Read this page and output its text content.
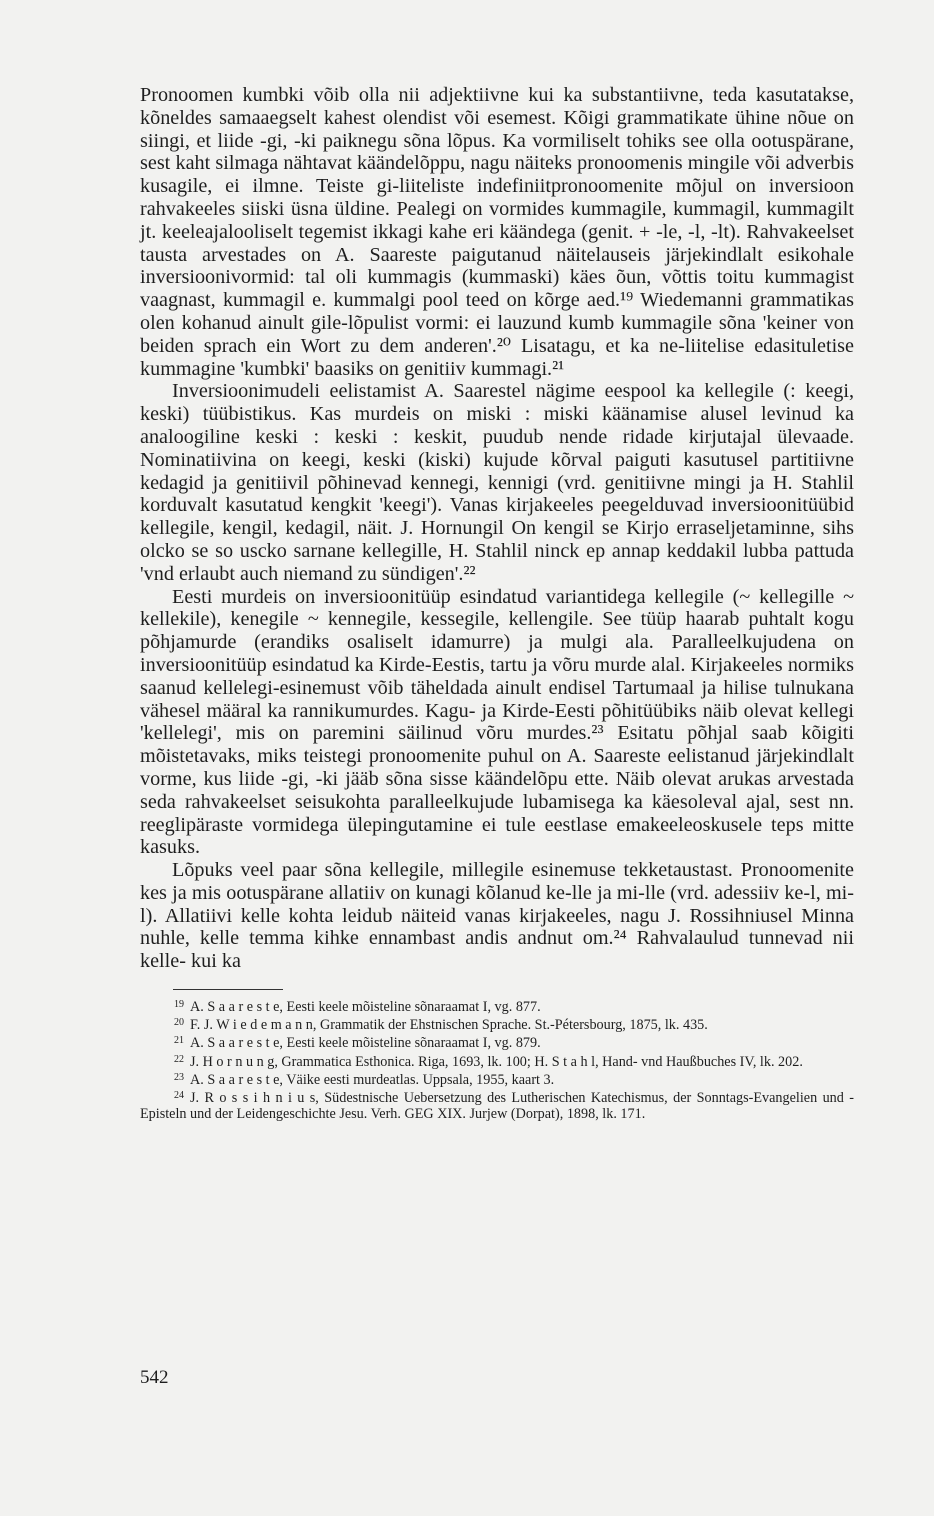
Pronoomen kumbki võib olla nii adjektiivne kui ka substantiivne, teda kasutatakse, kõneldes samaaegselt kahest olendist või esemest. Kõigi grammatikate ühine nõue on siingi, et liide -gi, -ki paiknegu sõna lõpus. Ka vormiliselt tohiks see olla ootuspärane, sest kaht silmaga nähtavat käändelõppu, nagu näiteks pronoomenis mingile või adverbis kusagile, ei ilmne. Teiste gi-liiteliste indefiniitpronoomenite mõjul on inversioon rahvakeeles siiski üsna üldine. Pealegi on vormides kummagile, kummagil, kummagilt jt. keeleajalooliselt tegemist ikkagi kahe eri käändega (genit. + -le, -l, -lt). Rahvakeelset tausta arvestades on A. Saareste paigutanud näitelauseis järjekindlalt esikohale inversioonivormid: tal oli kummagis (kummaski) käes õun, võttis toitu kummagist vaagnast, kummagil e. kummalgi pool teed on kõrge aed.¹⁹ Wiedemanni grammatikas olen kohanud ainult gile-lõpulist vormi: ei lauzund kumb kummagile sõna 'keiner von beiden sprach ein Wort zu dem anderen'.²⁰ Lisatagu, et ka ne-liitelise edasituletise kummagine 'kumbki' baasiks on genitiiv kummagi.²¹

Inversioonimudeli eelistamist A. Saarestel nägime eespool ka kellegile (: keegi, keski) tüübistikus. Kas murdeis on miski : miski käänamise alusel levinud ka analoogiline keski : keski : keskit, puudub nende ridade kirjutajal ülevaade. Nominatiivina on keegi, keski (kiski) kujude kõrval paiguti kasutusel partitiivne kedagid ja genitiivil põhinevad kennegi, kennigi (vrd. genitiivne mingi ja H. Stahlil korduvalt kasutatud kengkit 'keegi'). Vanas kirjakeeles peegelduvad inversioonitüübid kellegile, kengil, kedagil, näit. J. Hornungil On kengil se Kirjo erraseljetaminne, sihs olcko se so uscko sarnane kellegille, H. Stahlil ninck ep annap keddakil lubba pattuda 'vnd erlaubt auch niemand zu sündigen'.²²

Eesti murdeis on inversioonitüüp esindatud variantidega kellegile (~ kellegille ~ kellekile), kenegile ~ kennegile, kessegile, kellengile. See tüüp haarab puhtalt kogu põhjamurde (erandiks osaliselt idamurre) ja mulgi ala. Paralleelkujudena on inversioonitüüp esindatud ka Kirde-Eestis, tartu ja võru murde alal. Kirjakeeles normiks saanud kellelegi-esinemust võib täheldada ainult endisel Tartumaal ja hilise tulnukana vähesel määral ka rannikumurdes. Kagu- ja Kirde-Eesti põhitüübiks näib olevat kellegi 'kellelegi', mis on paremini säilinud võru murdes.²³ Esitatu põhjal saab kõigiti mõistetavaks, miks teistegi pronoomenite puhul on A. Saareste eelistanud järjekindlalt vorme, kus liide -gi, -ki jääb sõna sisse käändelõpu ette. Näib olevat arukas arvestada seda rahvakeelset seisukohta paralleelkujude lubamisega ka käesoleval ajal, sest nn. reeglipäraste vormidega ülepingutamine ei tule eestlase emakeeleoskusele teps mitte kasuks.

Lõpuks veel paar sõna kellegile, millegile esinemuse tekketaustast. Pronoomenite kes ja mis ootuspärane allatiiv on kunagi kõlanud ke-lle ja mi-lle (vrd. adessiiv ke-l, mi-l). Allatiivi kelle kohta leidub näiteid vanas kirjakeeles, nagu J. Rossihniusel Minna nuhle, kelle temma kihke ennambast andis andnut om.²⁴ Rahvalaulud tunnevad nii kelle- kui ka

$^{19}$ A. S a a r e s t e, Eesti keele mõisteline sõnaraamat I, vg. 877.

$^{20}$ F. J. W i e d e m a n n, Grammatik der Ehstnischen Sprache. St.-Pétersbourg, 1875, lk. 435.

$^{21}$ A. S a a r e s t e, Eesti keele mõisteline sõnaraamat I, vg. 879.

$^{22}$ J. H o r n u n g, Grammatica Esthonica. Riga, 1693, lk. 100; H. S t a h l, Hand- vnd Haußbuches IV, lk. 202.

$^{23}$ A. S a a r e s t e, Väike eesti murdeatlas. Uppsala, 1955, kaart 3.

$^{24}$ J. R o s s i h n i u s, Südestnische Uebersetzung des Lutherischen Katechismus, der Sonntags-Evangelien und -Episteln und der Leidengeschichte Jesu. Verh. GEG XIX. Jurjew (Dorpat), 1898, lk. 171.

542
